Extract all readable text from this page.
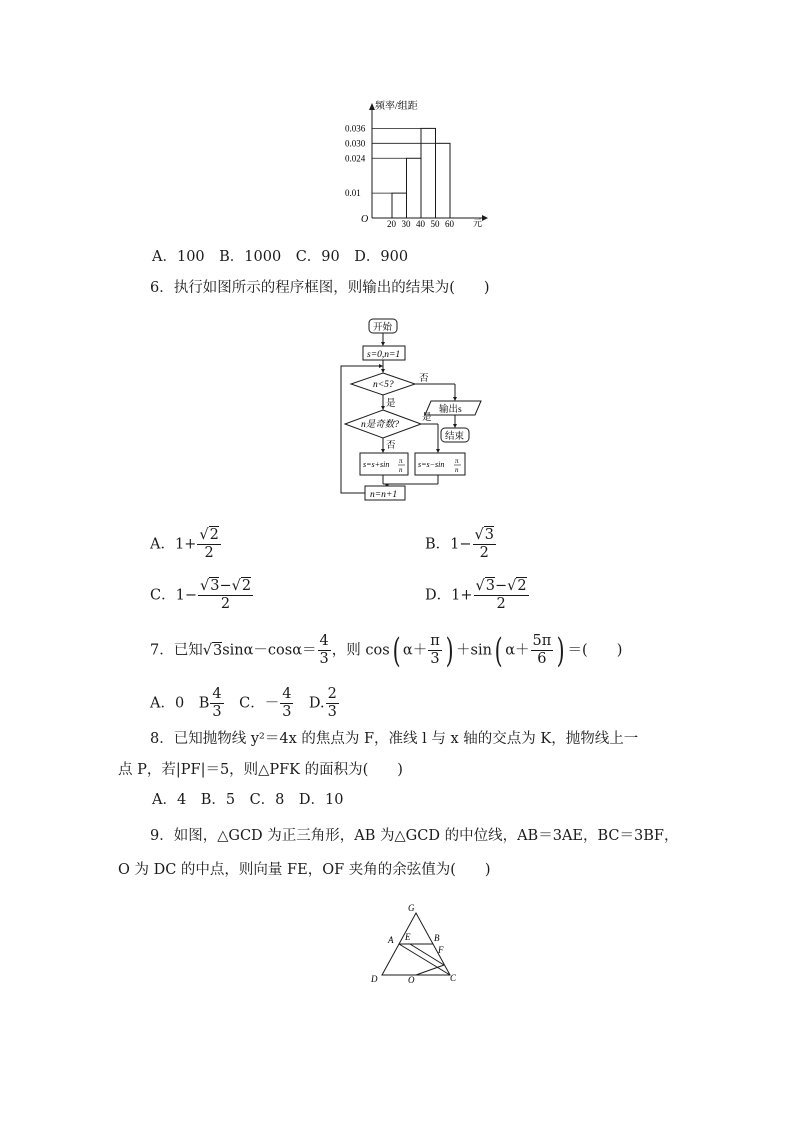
频率/组距
O	元
0.036
0.030
0.024
0.01
20 30 40 50 60
A．100　B．1000　C．90　D．900
6．执行如图所示的程序框图，则输出的结果为(　　)
开始
s=0,n=1
n<5?
否
输出s
结束
是
n是奇数?
是
否
s=s+sin π
n
s=s−sin π
n
n=n+1
A．$1+ \frac{√2}{2}$	B．$1- \frac{√3}{2}$
C．$1- \frac{√3-√2}{2}$	D．$1+ \frac{√3-√2}{2}$
7．已知$√3\sin\alpha-\cos\alpha= \frac{4}{3}$ ，则 cos( $\alpha+ \frac{\pi}{3}$ ) ＋sin( $\alpha+ \frac{5\pi}{6}$ ) ＝(　　)
A．0　B $\frac{4}{3}$ 　C．－ $\frac{4}{3}$ 　D. $\frac{2}{3}$
8．已知抛物线 y²＝4x 的焦点为 F，准线 l 与 x 轴的交点为 K，抛物线上一
点 P，若|PF|＝5，则△PFK 的面积为(　　)
A．4　B．5　C．8　D．10
9．如图，△GCD 为正三角形，AB 为△GCD 的中位线，AB＝3AE，BC＝3BF，
O 为 DC 的中点，则向量 FE，OF 夹角的余弦值为(　　)
G
A E	B
F
D	O	C
